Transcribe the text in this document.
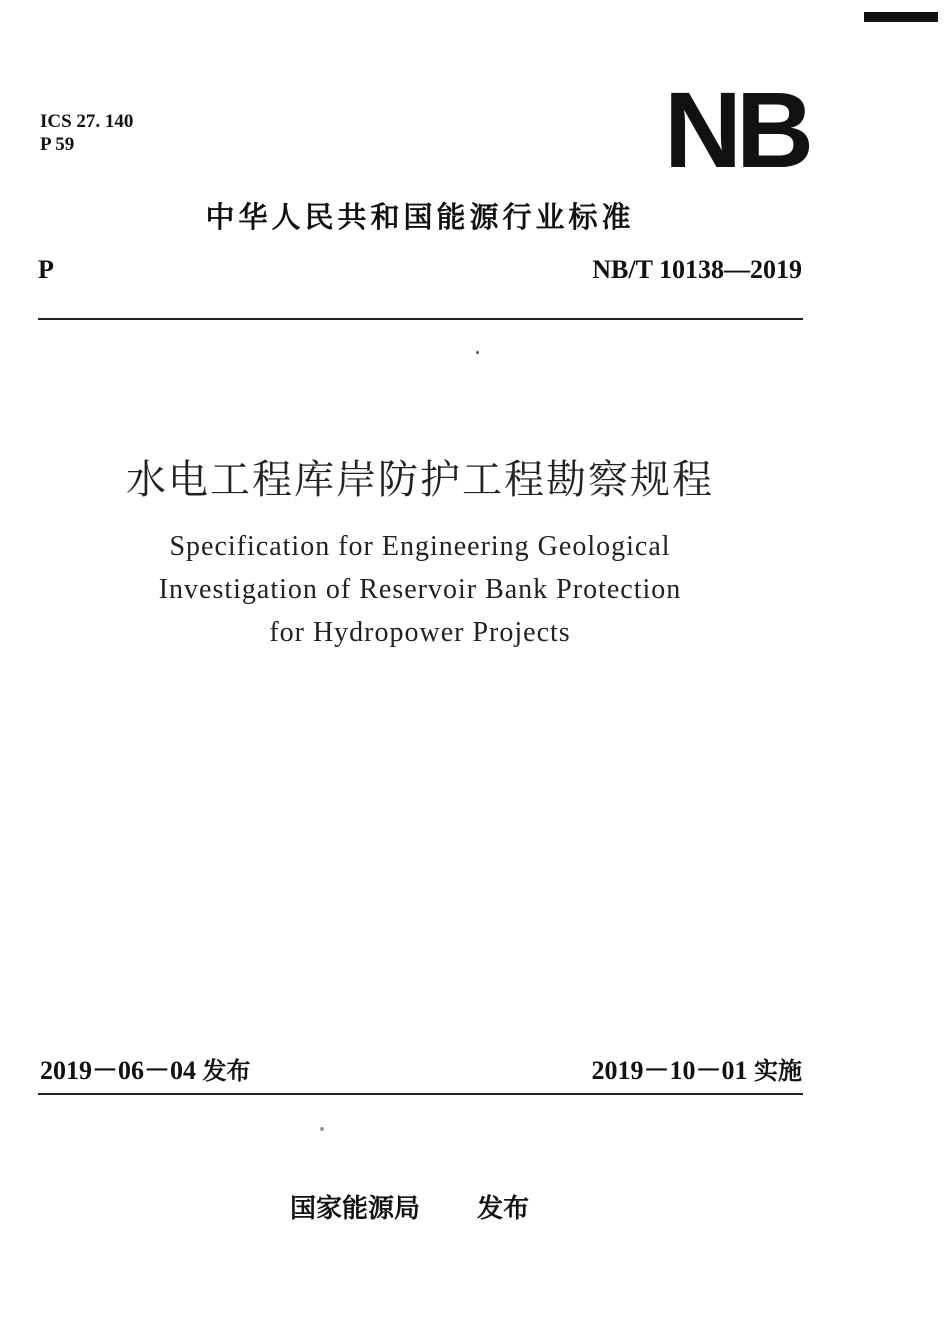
ICS 27. 140
P 59	NB
中华人民共和国能源行业标准
P	NB/T 10138—2019
水电工程库岸防护工程勘察规程
Specification for Engineering Geological
Investigation of Reservoir Bank Protection
for Hydropower Projects
2019－06－04 发布	2019－10－01 实施
国家能源局 发布
